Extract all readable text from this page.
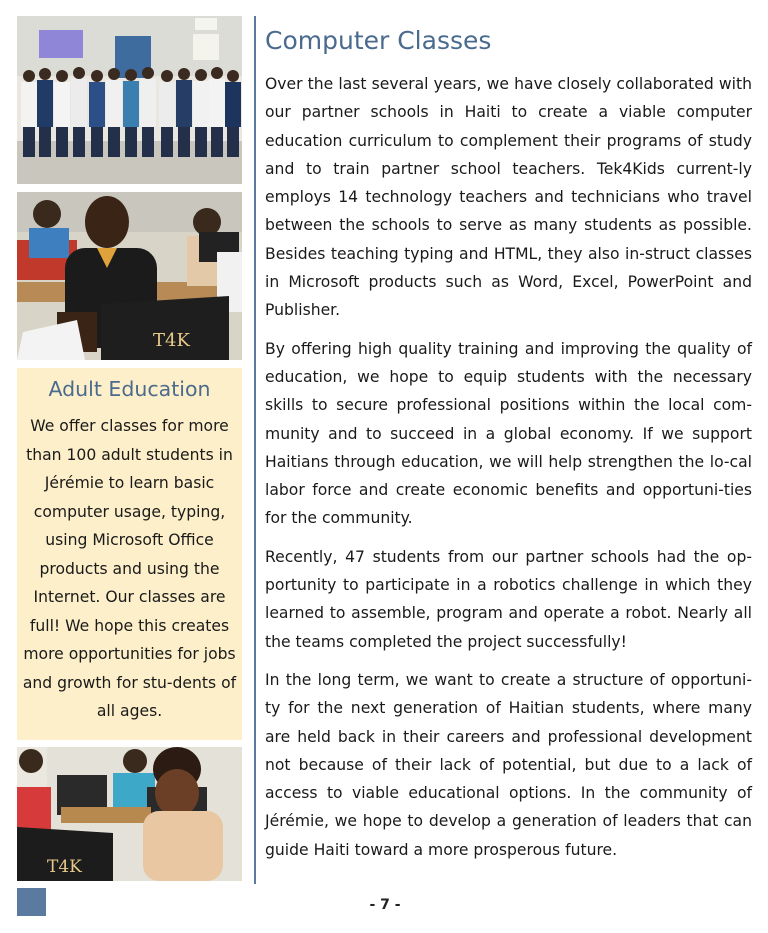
T4K
Adult Education

We offer classes for more than 100 adult students in Jérémie to learn basic computer usage, typing, using Microsoft Office products and using the Internet. Our classes are full! We hope this creates more opportunities for jobs and growth for stu-dents of all ages.

T4K
Computer Classes

Over the last several years, we have closely collaborated with our partner schools in Haiti to create a viable computer education curriculum to complement their programs of study and to train partner school teachers. Tek4Kids current-ly employs 14 technology teachers and technicians who travel between the schools to serve as many students as possible. Besides teaching typing and HTML, they also in-struct classes in Microsoft products such as Word, Excel, PowerPoint and Publisher.

By offering high quality training and improving the quality of education, we hope to equip students with the necessary skills to secure professional positions within the local com-munity and to succeed in a global economy. If we support Haitians through education, we will help strengthen the lo-cal labor force and create economic benefits and opportuni-ties for the community.

Recently, 47 students from our partner schools had the op-portunity to participate in a robotics challenge in which they learned to assemble, program and operate a robot. Nearly all the teams completed the project successfully!

In the long term, we want to create a structure of opportuni-ty for the next generation of Haitian students, where many are held back in their careers and professional development not because of their lack of potential, but due to a lack of access to viable educational options. In the community of Jérémie, we hope to develop a generation of leaders that can guide Haiti toward a more prosperous future.

- 7 -
